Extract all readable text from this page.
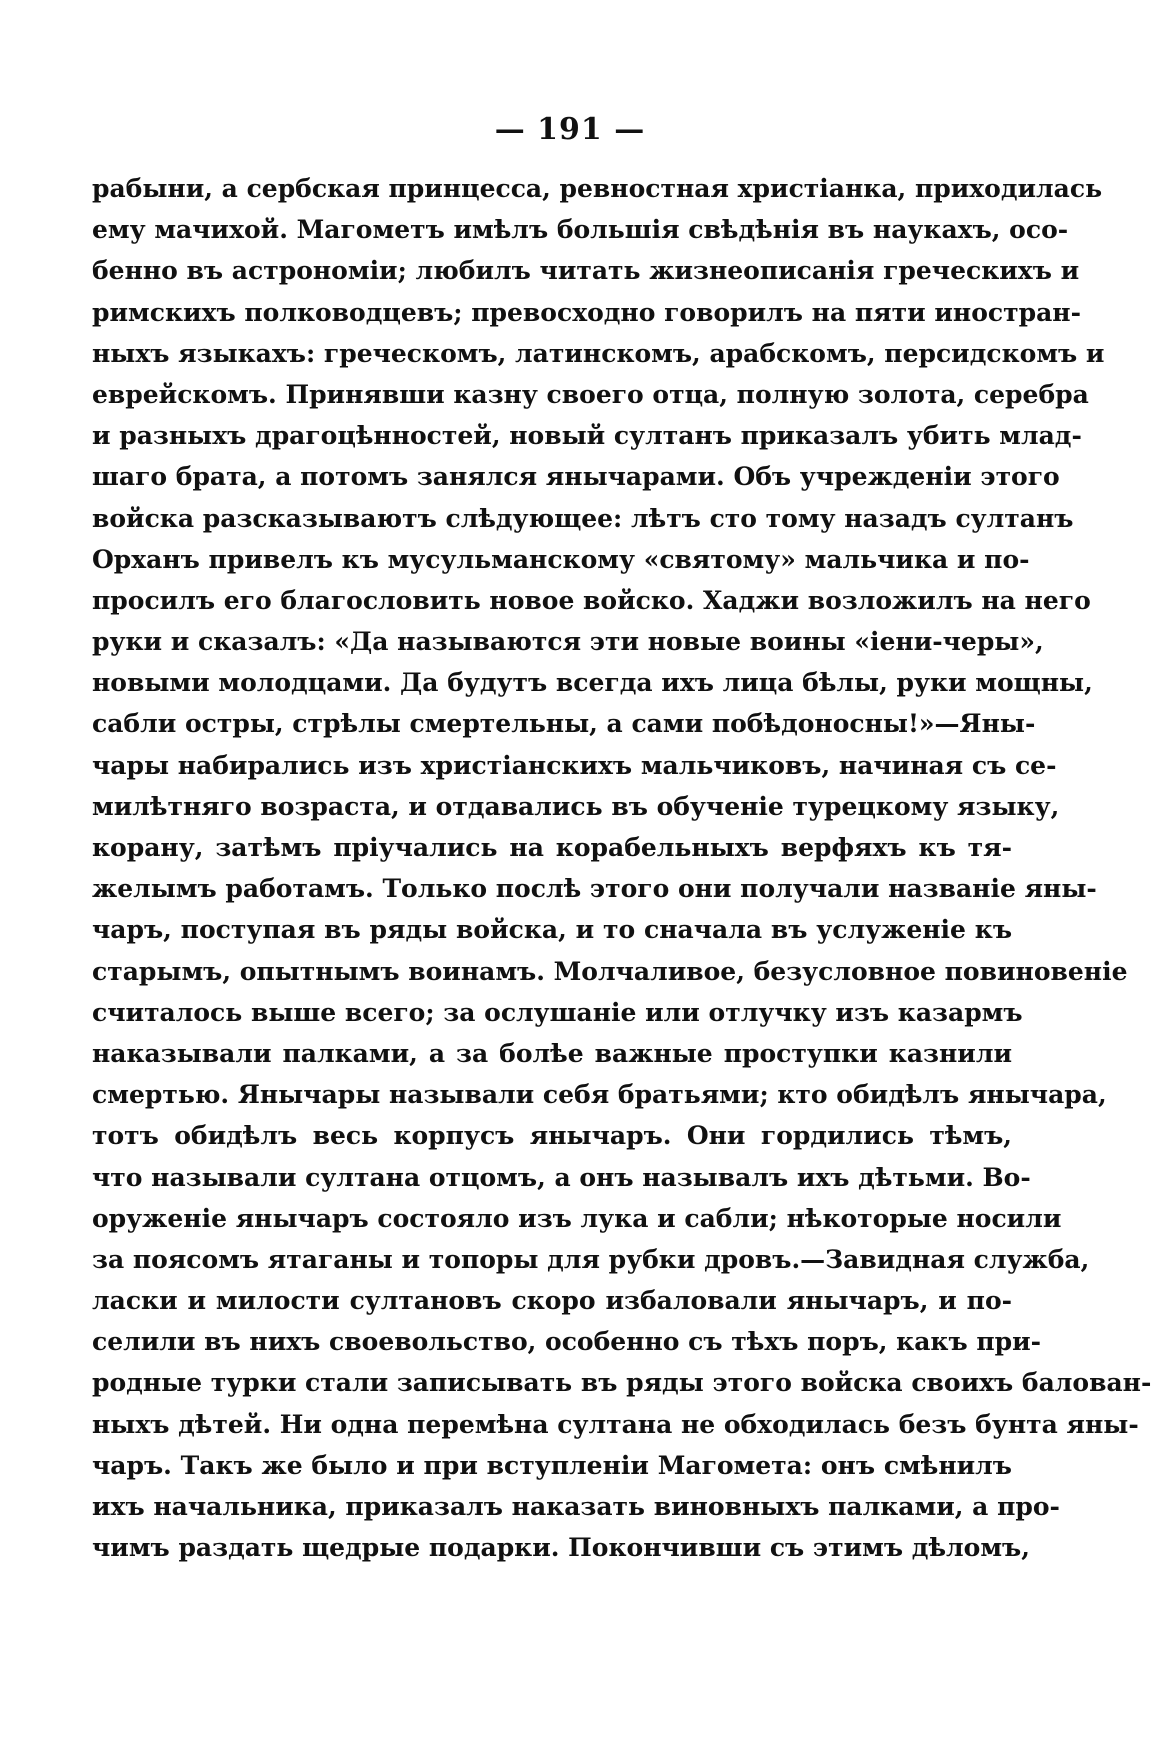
— 191 —
рабыни, а сербская принцесса, ревностная христіанка, приходилась
ему мачихой. Магометъ имѣлъ большія свѣдѣнія въ наукахъ, осо-
бенно въ астрономіи; любилъ читать жизнеописанія греческихъ и
римскихъ полководцевъ; превосходно говорилъ на пяти иностран-
ныхъ языкахъ: греческомъ, латинскомъ, арабскомъ, персидскомъ и
еврейскомъ. Принявши казну своего отца, полную золота, серебра
и разныхъ драгоцѣнностей, новый султанъ приказалъ убить млад-
шаго брата, а потомъ занялся янычарами. Объ учрежденіи этого
войска разсказываютъ слѣдующее: лѣтъ сто тому назадъ султанъ
Орханъ привелъ къ мусульманскому «святому» мальчика и по-
просилъ его благословить новое войско. Хаджи возложилъ на него
руки и сказалъ: «Да называются эти новые воины «іени-черы»,
новыми молодцами. Да будутъ всегда ихъ лица бѣлы, руки мощны,
сабли остры, стрѣлы смертельны, а сами побѣдоносны!»—Яны-
чары набирались изъ христіанскихъ мальчиковъ, начиная съ се-
милѣтняго возраста, и отдавались въ обученіе турецкому языку,
корану, затѣмъ пріучались на корабельныхъ верфяхъ къ тя-
желымъ работамъ. Только послѣ этого они получали названіе яны-
чаръ, поступая въ ряды войска, и то сначала въ услуженіе къ
старымъ, опытнымъ воинамъ. Молчаливое, безусловное повиновеніе
считалось выше всего; за ослушаніе или отлучку изъ казармъ
наказывали палками, а за болѣе важные проступки казнили
смертью. Янычары называли себя братьями; кто обидѣлъ янычара,
тотъ обидѣлъ весь корпусъ янычаръ. Они гордились тѣмъ,
что называли султана отцомъ, а онъ называлъ ихъ дѣтьми. Во-
оруженіе янычаръ состояло изъ лука и сабли; нѣкоторые носили
за поясомъ ятаганы и топоры для рубки дровъ.—Завидная служба,
ласки и милости султановъ скоро избаловали янычаръ, и по-
селили въ нихъ своевольство, особенно съ тѣхъ поръ, какъ при-
родные турки стали записывать въ ряды этого войска своихъ балован-
ныхъ дѣтей. Ни одна перемѣна султана не обходилась безъ бунта яны-
чаръ. Такъ же было и при вступленіи Магомета: онъ смѣнилъ
ихъ начальника, приказалъ наказать виновныхъ палками, а про-
чимъ раздать щедрые подарки. Покончивши съ этимъ дѣломъ,
